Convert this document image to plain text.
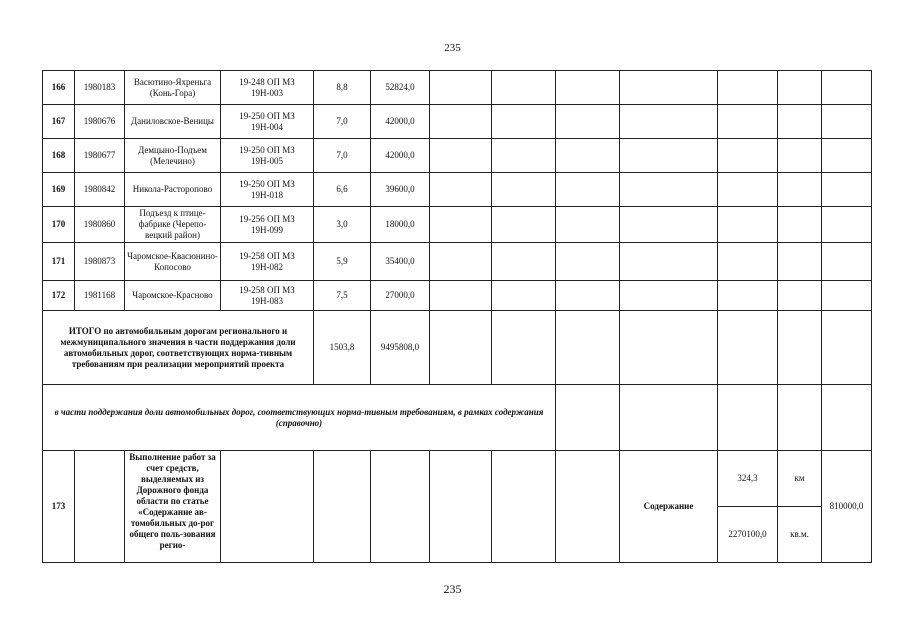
235
166	1980183	Васютино-Яхреньга (Конь-Гора)	19-248 ОП МЗ 19Н-003	8,8	52824,0							
167	1980676	Даниловское-Веницы	19-250 ОП МЗ 19Н-004	7,0	42000,0							
168	1980677	Демцыно-Подъем (Мелечино)	19-250 ОП МЗ 19Н-005	7,0	42000,0							
169	1980842	Никола-Расторопово	19-250 ОП МЗ 19Н-018	6,6	39600,0							
170	1980860	Подъезд к птице-фабрике (Черепо-вецкий район)	19-256 ОП МЗ 19Н-099	3,0	18000,0							
171	1980873	Чаромское-Квасюнино-Копосово	19-258 ОП МЗ 19Н-082	5,9	35400,0							
172	1981168	Чаромское-Красново	19-258 ОП МЗ 19Н-083	7,5	27000,0							
ИТОГО по автомобильным дорогам регионального и межмуниципального значения в части поддержания доли автомобильных дорог, соответствующих норма-тивным требованиям при реализации мероприятий проекта				1503,8	9495808,0							
в части поддержания доли автомобильных дорог, соответствующих норма-тивным требованиям, в рамках содержания (справочно)												
173		Выполнение работ за счет средств, выделяемых из Дорожного фонда области по статье «Содержание ав-томобильных до-рог общего поль-зования регио-							Содержание	324,3	км	810000,0
										2270100,0	кв.м.	
235
